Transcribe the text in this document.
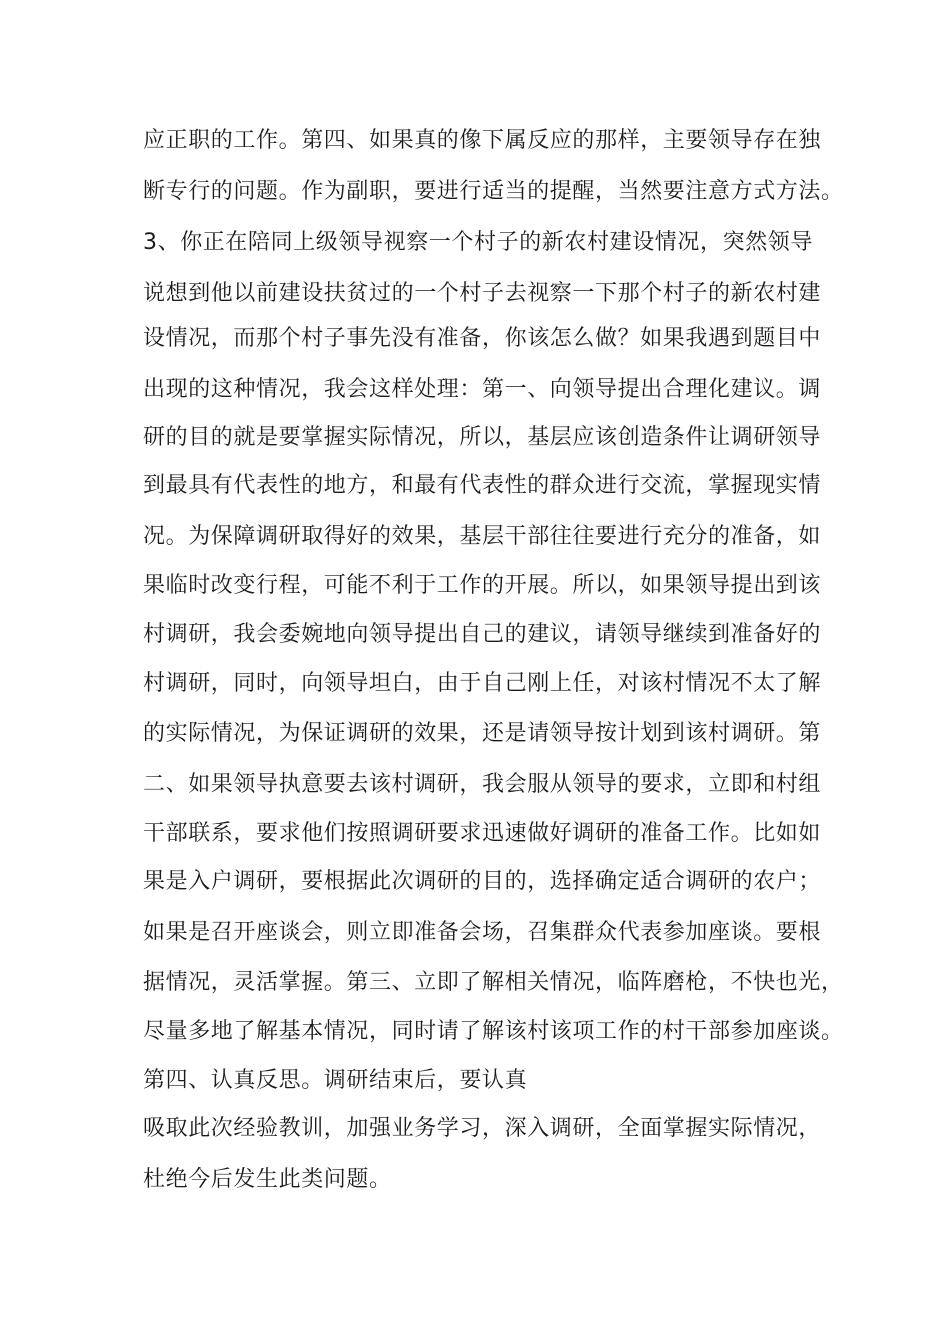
应正职的工作。第四、如果真的像下属反应的那样，主要领导存在独

断专行的问题。作为副职，要进行适当的提醒，当然要注意方式方法。

3、你正在陪同上级领导视察一个村子的新农村建设情况，突然领导

说想到他以前建设扶贫过的一个村子去视察一下那个村子的新农村建

设情况，而那个村子事先没有准备，你该怎么做？如果我遇到题目中

出现的这种情况，我会这样处理：第一、向领导提出合理化建议。调

研的目的就是要掌握实际情况，所以，基层应该创造条件让调研领导

到最具有代表性的地方，和最有代表性的群众进行交流，掌握现实情

况。为保障调研取得好的效果，基层干部往往要进行充分的准备，如

果临时改变行程，可能不利于工作的开展。所以，如果领导提出到该

村调研，我会委婉地向领导提出自己的建议，请领导继续到准备好的

村调研，同时，向领导坦白，由于自己刚上任，对该村情况不太了解

的实际情况，为保证调研的效果，还是请领导按计划到该村调研。第

二、如果领导执意要去该村调研，我会服从领导的要求，立即和村组

干部联系，要求他们按照调研要求迅速做好调研的准备工作。比如如

果是入户调研，要根据此次调研的目的，选择确定适合调研的农户；

如果是召开座谈会，则立即准备会场，召集群众代表参加座谈。要根

据情况，灵活掌握。第三、立即了解相关情况，临阵磨枪，不快也光，

尽量多地了解基本情况，同时请了解该村该项工作的村干部参加座谈。

第四、认真反思。调研结束后，要认真

吸取此次经验教训，加强业务学习，深入调研，全面掌握实际情况，

杜绝今后发生此类问题。
